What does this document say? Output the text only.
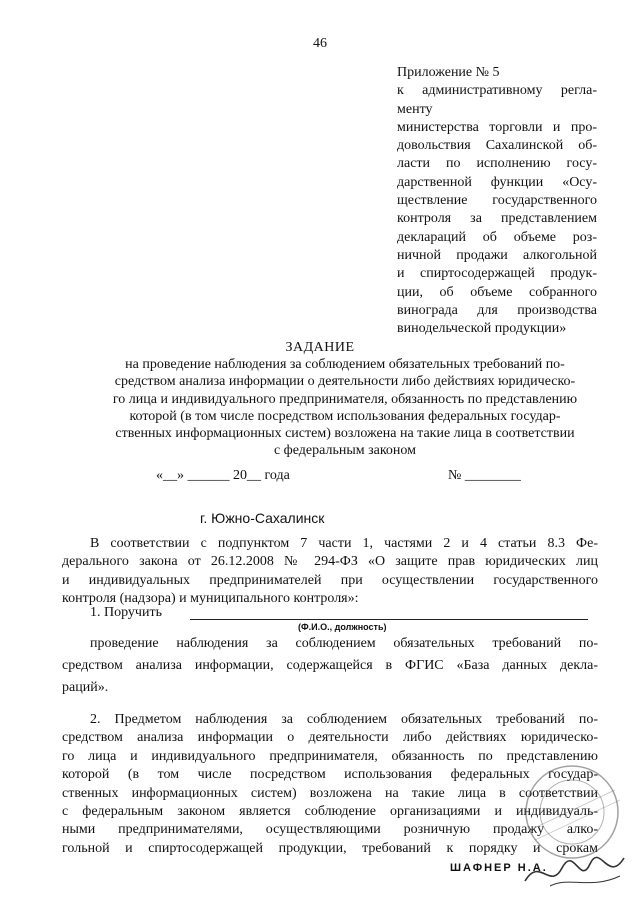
46
Приложение № 5
к административному регла-
менту
министерства торговли и про-
довольствия Сахалинской об-
ласти по исполнению госу-
дарственной функции «Осу-
ществление государственного
контроля за представлением
деклараций об объеме роз-
ничной продажи алкогольной
и спиртосодержащей продук-
ции, об объеме собранного
винограда для производства
винодельческой продукции»
ЗАДАНИЕ
на проведение наблюдения за соблюдением обязательных требований по-
средством анализа информации о деятельности либо действиях юридическо-
го лица и индивидуального предпринимателя, обязанность по представлению
которой (в том числе посредством использования федеральных государ-
ственных информационных систем) возложена на такие лица в соответствии
с федеральным законом
«__» ______ 20__ года	№ ________
г. Южно-Сахалинск
В соответствии с подпунктом 7 части 1, частями 2 и 4 статьи 8.3 Фе-
дерального закона от 26.12.2008 № 294-ФЗ «О защите прав юридических лиц
и индивидуальных предпринимателей при осуществлении государственного
контроля (надзора) и муниципального контроля»:
1. Поручить
(Ф.И.О., должность)
проведение наблюдения за соблюдением обязательных требований по-
средством анализа информации, содержащейся в ФГИС «База данных декла-
раций».
2. Предметом наблюдения за соблюдением обязательных требований по-
средством анализа информации о деятельности либо действиях юридическо-
го лица и индивидуального предпринимателя, обязанность по представлению
которой (в том числе посредством использования федеральных государ-
ственных информационных систем) возложена на такие лица в соответствии
с федеральным законом является соблюдение организациями и индивидуаль-
ными предпринимателями, осуществляющими розничную продажу алко-
гольной и спиртосодержащей продукции, требований к порядку и срокам
ШАФНЕР Н.А.
